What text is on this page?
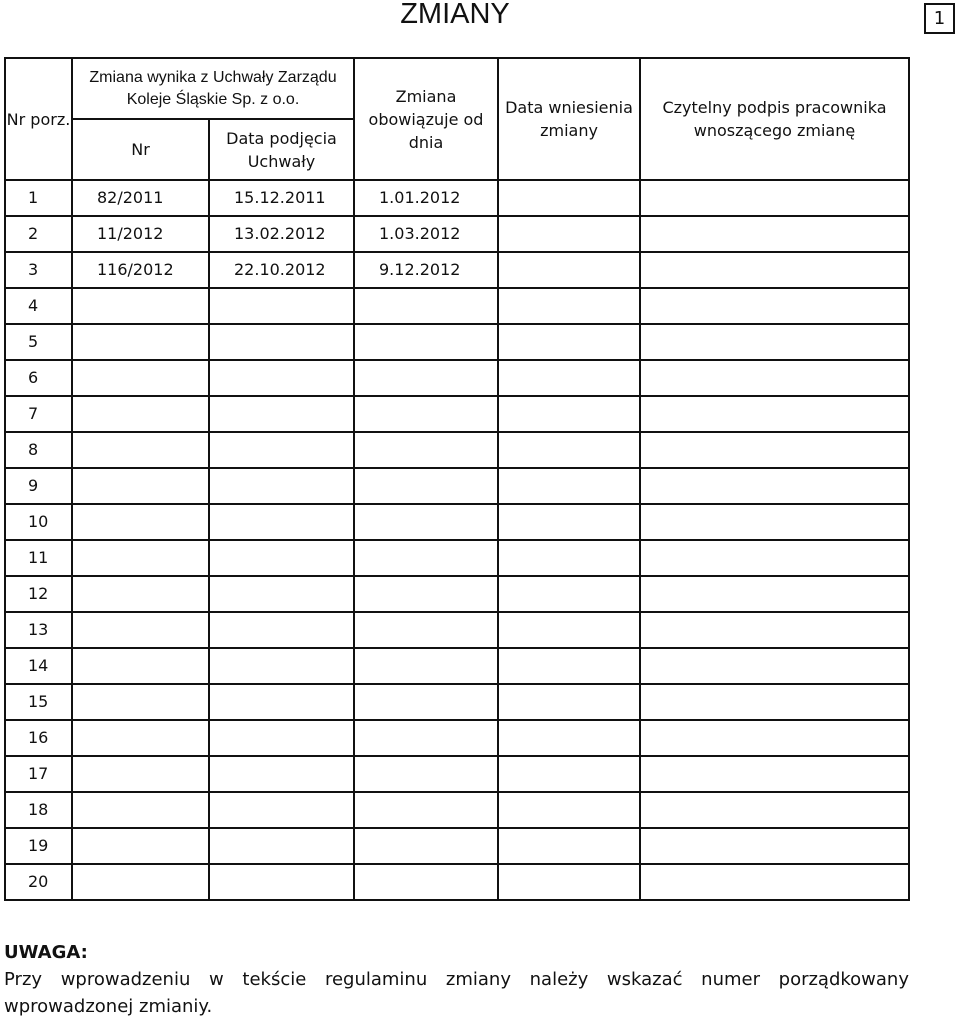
ZMIANY	1
Nr porz.	Zmiana wynika z Uchwały Zarządu Koleje Śląskie Sp. z o.o.		Zmiana obowiązuje od dnia	Data wniesienia zmiany	Czytelny podpis pracownika wnoszącego zmianę
	Nr	Data podjęcia Uchwały			
1	82/2011	15.12.2011	1.01.2012		
2	11/2012	13.02.2012	1.03.2012		
3	116/2012	22.10.2012	9.12.2012		
4					
5					
6					
7					
8					
9					
10					
11					
12					
13					
14					
15					
16					
17					
18					
19					
20					
UWAGA:
Przy wprowadzeniu w tekście regulaminu zmiany należy wskazać numer porządkowany wprowadzonej zmianiy.
